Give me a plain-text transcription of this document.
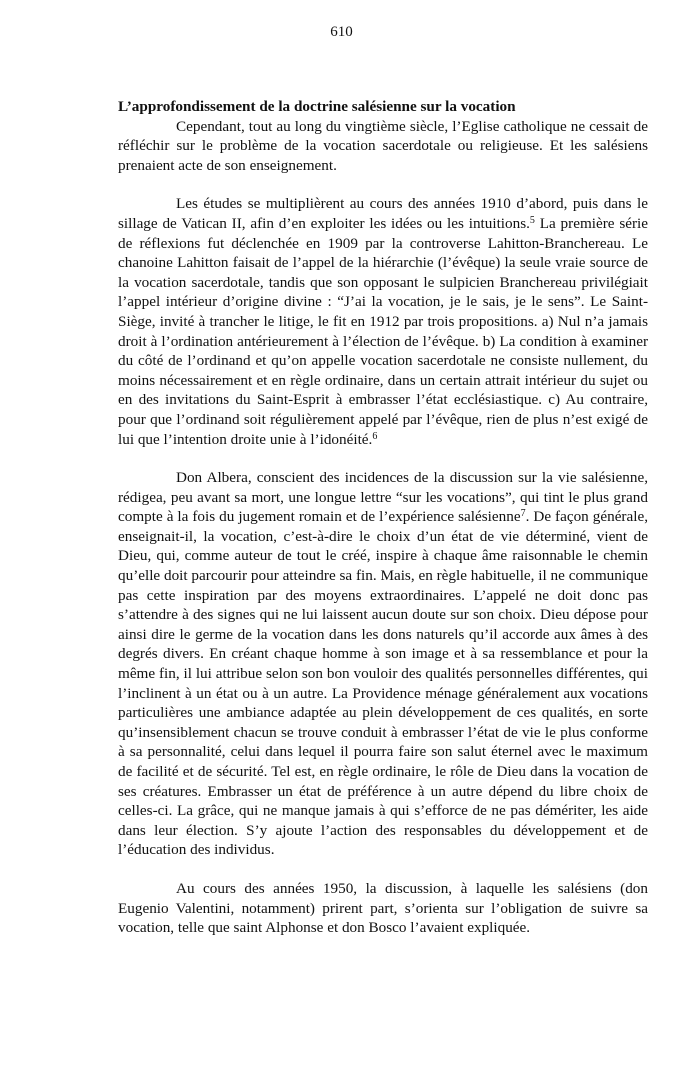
610

L’approfondissement de la doctrine salésienne sur la vocation

Cependant, tout au long du vingtième siècle, l’Eglise catholique ne cessait de réfléchir sur le problème de la vocation sacerdotale ou religieuse. Et les salésiens prenaient acte de son enseignement.

Les études se multiplièrent au cours des années 1910 d’abord, puis dans le sillage de Vatican II, afin d’en exploiter les idées ou les intuitions.$^5$ La première série de réflexions fut déclenchée en 1909 par la controverse Lahitton-Branchereau. Le chanoine Lahitton faisait de l’appel de la hiérarchie (l’évêque) la seule vraie source de la vocation sacerdotale, tandis que son opposant le sulpicien Branchereau privilégiait l’appel intérieur d’origine divine : “J’ai la vocation, je le sais, je le sens”. Le Saint-Siège, invité à trancher le litige, le fit en 1912 par trois propositions. a) Nul n’a jamais droit à l’ordination antérieurement à l’élection de l’évêque. b) La condition à examiner du côté de l’ordinand et qu’on appelle vocation sacerdotale ne consiste nullement, du moins nécessairement et en règle ordinaire, dans un certain attrait intérieur du sujet ou en des invitations du Saint-Esprit à embrasser l’état ecclésiastique. c) Au contraire, pour que l’ordinand soit régulièrement appelé par l’évêque, rien de plus n’est exigé de lui que l’intention droite unie à l’idonéité.$^6$

Don Albera, conscient des incidences de la discussion sur la vie salésienne, rédigea, peu avant sa mort, une longue lettre “sur les vocations”, qui tint le plus grand compte à la fois du jugement romain et de l’expérience salésienne$^7$. De façon générale, enseignait-il, la vocation, c’est-à-dire le choix d’un état de vie déterminé, vient de Dieu, qui, comme auteur de tout le créé, inspire à chaque âme raisonnable le chemin qu’elle doit parcourir pour atteindre sa fin. Mais, en règle habituelle, il ne communique pas cette inspiration par des moyens extraordinaires. L’appelé ne doit donc pas s’attendre à des signes qui ne lui laissent aucun doute sur son choix. Dieu dépose pour ainsi dire le germe de la vocation dans les dons naturels qu’il accorde aux âmes à des degrés divers. En créant chaque homme à son image et à sa ressemblance et pour la même fin, il lui attribue selon son bon vouloir des qualités personnelles différentes, qui l’inclinent à un état ou à un autre. La Providence ménage généralement aux vocations particulières une ambiance adaptée au plein développement de ces qualités, en sorte qu’insensiblement chacun se trouve conduit à embrasser l’état de vie le plus conforme à sa personnalité, celui dans lequel il pourra faire son salut éternel avec le maximum de facilité et de sécurité. Tel est, en règle ordinaire, le rôle de Dieu dans la vocation de ses créatures. Embrasser un état de préférence à un autre dépend du libre choix de celles-ci. La grâce, qui ne manque jamais à qui s’efforce de ne pas démériter, les aide dans leur élection. S’y ajoute l’action des responsables du développement et de l’éducation des individus.

Au cours des années 1950, la discussion, à laquelle les salésiens (don Eugenio Valentini, notamment) prirent part, s’orienta sur l’obligation de suivre sa vocation, telle que saint Alphonse et don Bosco l’avaient expliquée.
